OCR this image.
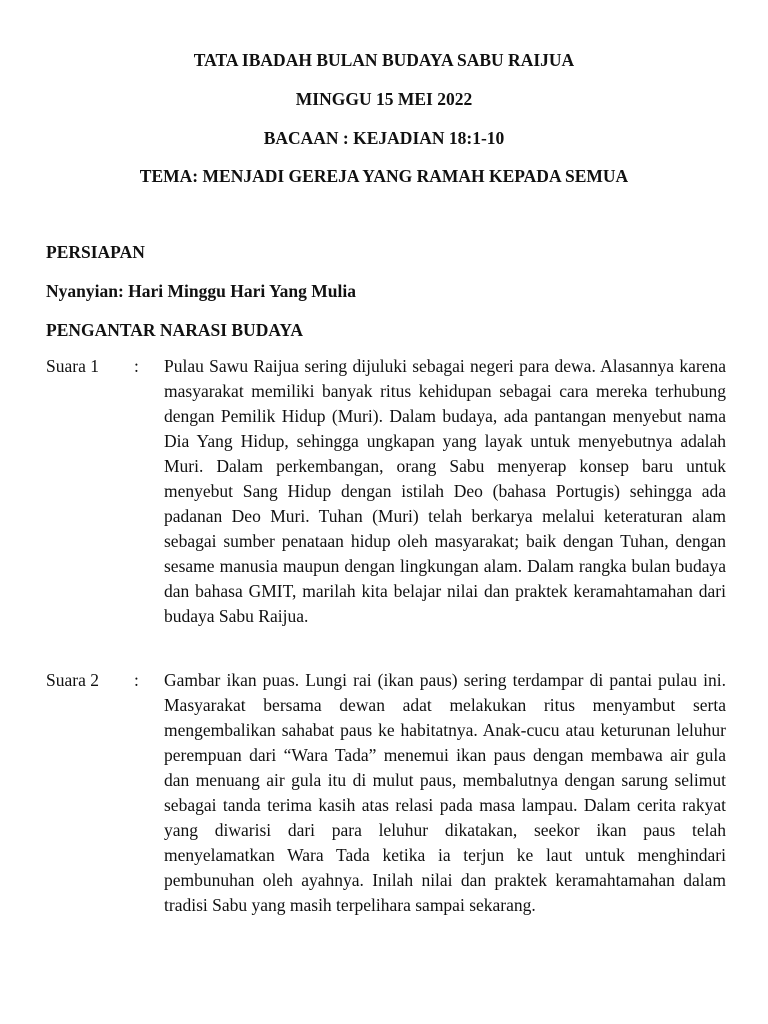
TATA IBADAH BULAN BUDAYA SABU RAIJUA
MINGGU 15 MEI 2022
BACAAN : KEJADIAN 18:1-10
TEMA: MENJADI GEREJA YANG RAMAH KEPADA SEMUA
PERSIAPAN
Nyanyian: Hari Minggu Hari Yang Mulia
PENGANTAR NARASI BUDAYA
Suara 1 : Pulau Sawu Raijua sering dijuluki sebagai negeri para dewa. Alasannya karena masyarakat memiliki banyak ritus kehidupan sebagai cara mereka terhubung dengan Pemilik Hidup (Muri). Dalam budaya, ada pantangan menyebut nama Dia Yang Hidup, sehingga ungkapan yang layak untuk menyebutnya adalah Muri. Dalam perkembangan, orang Sabu menyerap konsep baru untuk menyebut Sang Hidup dengan istilah Deo (bahasa Portugis) sehingga ada padanan Deo Muri. Tuhan (Muri) telah berkarya melalui keteraturan alam sebagai sumber penataan hidup oleh masyarakat; baik dengan Tuhan, dengan sesame manusia maupun dengan lingkungan alam. Dalam rangka bulan budaya dan bahasa GMIT, marilah kita belajar nilai dan praktek keramahtamahan dari budaya Sabu Raijua.
Suara 2 : Gambar ikan puas. Lungi rai (ikan paus) sering terdampar di pantai pulau ini. Masyarakat bersama dewan adat melakukan ritus menyambut serta mengembalikan sahabat paus ke habitatnya. Anak-cucu atau keturunan leluhur perempuan dari “Wara Tada” menemui ikan paus dengan membawa air gula dan menuang air gula itu di mulut paus, membalutnya dengan sarung selimut sebagai tanda terima kasih atas relasi pada masa lampau. Dalam cerita rakyat yang diwarisi dari para leluhur dikatakan, seekor ikan paus telah menyelamatkan Wara Tada ketika ia terjun ke laut untuk menghindari pembunuhan oleh ayahnya. Inilah nilai dan praktek keramahtamahan dalam tradisi Sabu yang masih terpelihara sampai sekarang.
